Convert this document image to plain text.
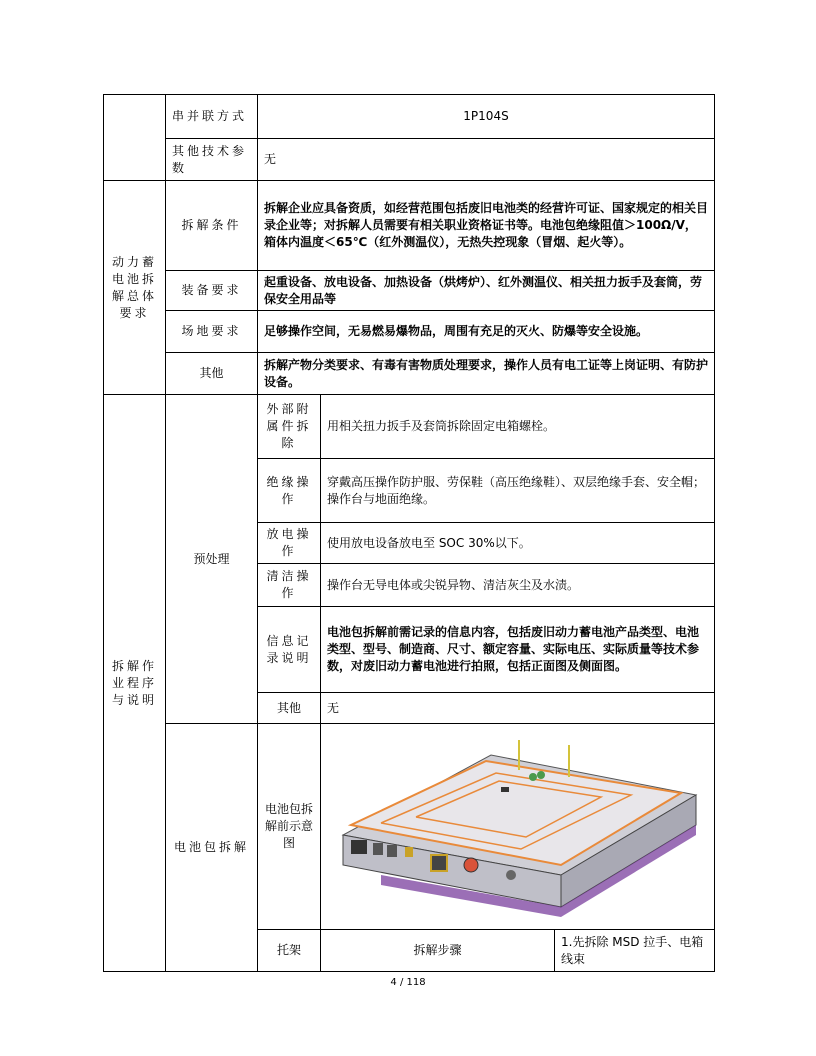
	串并联方式	1P104S		
	其他技术参数	无		
动力蓄电池拆解总体要求	拆解条件	拆解企业应具备资质，如经营范围包括废旧电池类的经营许可证、国家规定的相关目录企业等；对拆解人员需要有相关职业资格证书等。电池包绝缘阻值＞100Ω/V，箱体内温度＜65℃（红外测温仪），无热失控现象（冒烟、起火等）。		
	装备要求	起重设备、放电设备、加热设备（烘烤炉）、红外测温仪、相关扭力扳手及套筒，劳保安全用品等		
	场地要求	足够操作空间，无易燃易爆物品，周围有充足的灭火、防爆等安全设施。		
	其他	拆解产物分类要求、有毒有害物质处理要求，操作人员有电工证等上岗证明、有防护设备。		
拆解作业程序与说明	预处理	外部附属件拆除	用相关扭力扳手及套筒拆除固定电箱螺栓。	
		绝缘操作	穿戴高压操作防护服、劳保鞋（高压绝缘鞋）、双层绝缘手套、安全帽；
操作台与地面绝缘。	

		放电操作	使用放电设备放电至 SOC 30%以下。	
		清洁操作	操作台无导电体或尖锐异物、清洁灰尘及水渍。	
		信息记录说明	电池包拆解前需记录的信息内容，包括废旧动力蓄电池产品类型、电池类型、型号、制造商、尺寸、额定容量、实际电压、实际质量等技术参数，对废旧动力蓄电池进行拍照，包括正面图及侧面图。	
		其他	无	
	电池包拆解	电池包拆解前示意图	

		托架	拆解步骤	1.先拆除 MSD 拉手、电箱线束
4 / 118
